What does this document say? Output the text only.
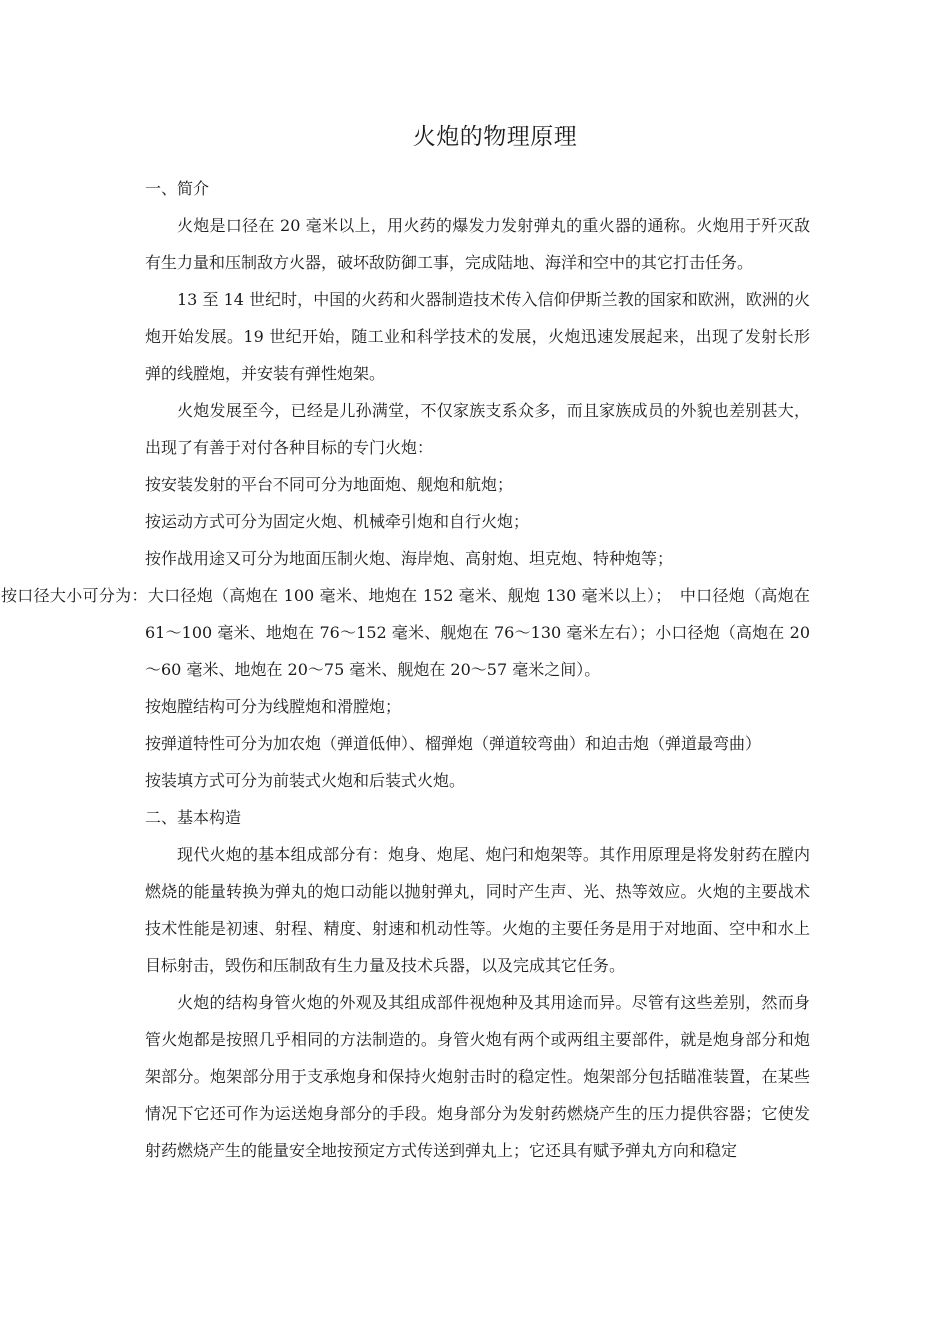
火炮的物理原理

一、简介

火炮是口径在 20 毫米以上，用火药的爆发力发射弹丸的重火器的通称。火炮用于歼灭敌有生力量和压制敌方火器，破坏敌防御工事，完成陆地、海洋和空中的其它打击任务。

13 至 14 世纪时，中国的火药和火器制造技术传入信仰伊斯兰教的国家和欧洲，欧洲的火炮开始发展。19 世纪开始，随工业和科学技术的发展，火炮迅速发展起来，出现了发射长形弹的线膛炮，并安装有弹性炮架。

火炮发展至今，已经是儿孙满堂，不仅家族支系众多，而且家族成员的外貌也差别甚大，出现了有善于对付各种目标的专门火炮：

按安装发射的平台不同可分为地面炮、舰炮和航炮；

按运动方式可分为固定火炮、机械牵引炮和自行火炮；

按作战用途又可分为地面压制火炮、海岸炮、高射炮、坦克炮、特种炮等；

按口径大小可分为：大口径炮（高炮在 100 毫米、地炮在 152 毫米、舰炮 130 毫米以上）；　中口径炮（高炮在 61～100 毫米、地炮在 76～152 毫米、舰炮在 76～130 毫米左右）；小口径炮（高炮在 20～60 毫米、地炮在 20～75 毫米、舰炮在 20～57 毫米之间）。

按炮膛结构可分为线膛炮和滑膛炮；

按弹道特性可分为加农炮（弹道低伸）、榴弹炮（弹道较弯曲）和迫击炮（弹道最弯曲）

按装填方式可分为前装式火炮和后装式火炮。

二、基本构造

现代火炮的基本组成部分有：炮身、炮尾、炮闩和炮架等。其作用原理是将发射药在膛内燃烧的能量转换为弹丸的炮口动能以抛射弹丸，同时产生声、光、热等效应。火炮的主要战术技术性能是初速、射程、精度、射速和机动性等。火炮的主要任务是用于对地面、空中和水上目标射击，毁伤和压制敌有生力量及技术兵器，以及完成其它任务。

火炮的结构身管火炮的外观及其组成部件视炮种及其用途而异。尽管有这些差别，然而身管火炮都是按照几乎相同的方法制造的。身管火炮有两个或两组主要部件，就是炮身部分和炮架部分。炮架部分用于支承炮身和保持火炮射击时的稳定性。炮架部分包括瞄准装置，在某些情况下它还可作为运送炮身部分的手段。炮身部分为发射药燃烧产生的压力提供容器；它使发射药燃烧产生的能量安全地按预定方式传送到弹丸上；它还具有赋予弹丸方向和稳定
